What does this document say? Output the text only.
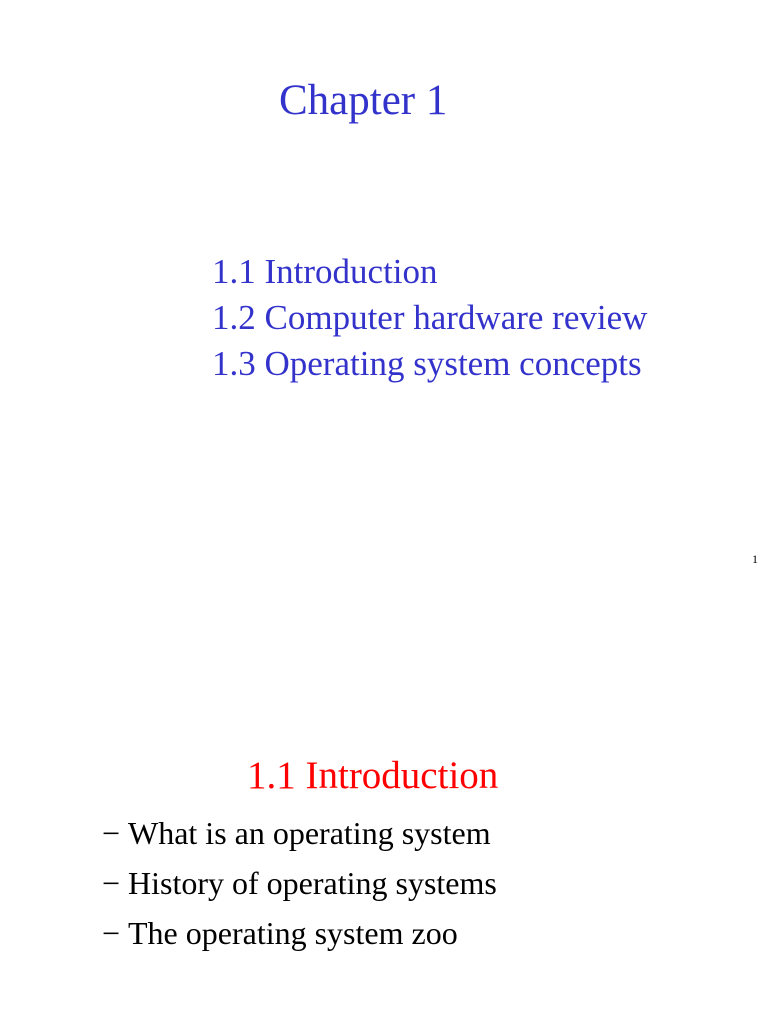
Chapter 1
1.1 Introduction
1.2 Computer hardware review
1.3 Operating system concepts
1
1.1 Introduction
− What is an operating system
− History of operating systems
− The operating system zoo
